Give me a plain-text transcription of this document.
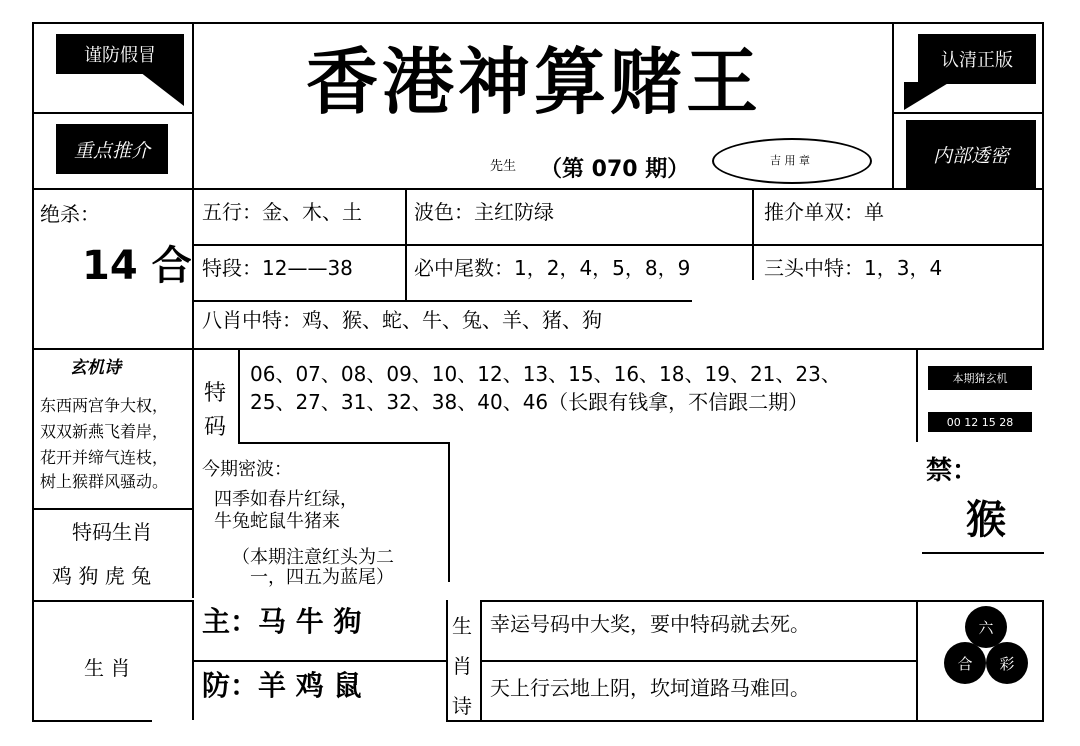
谨防假冒
重点推介
香港神算赌王
先生 （第 070 期）	吉 用 章
认清正版
内部透密
绝杀：
14 合
五行：金、木、土	波色：主红防绿	推介单双：单
特段：12——38	必中尾数：1，2，4，5，8，9	三头中特：1，3，4
八肖中特：鸡、猴、蛇、牛、兔、羊、猪、狗
玄机诗
东西两宫争大权，
双双新燕飞着岸，
花开并缔气连枝，
树上猴群风骚动。
特码生肖
鸡 狗 虎 兔
特
码
06、07、08、09、10、12、13、15、16、18、19、21、23、
25、27、31、32、38、40、46（长跟有钱拿，不信跟二期）
今期密波：
四季如春片红绿，
牛兔蛇鼠牛猪来
（本期注意红头为二
一，四五为蓝尾）
本期猜玄机
00 12 15 28
禁：
猴
生 肖
主：马 牛 狗
防：羊 鸡 鼠
生
肖
诗
幸运号码中大奖，要中特码就去死。
天上行云地上阴，坎坷道路马难回。
六
合 彩
